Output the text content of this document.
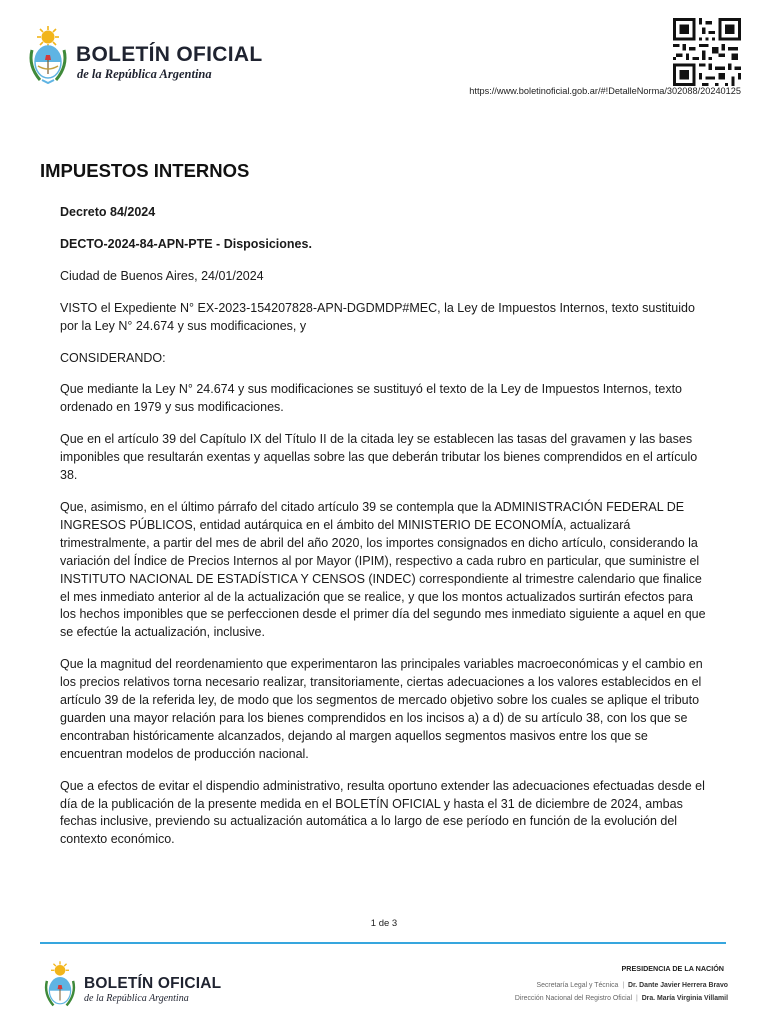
BOLETÍN OFICIAL
de la República Argentina
https://www.boletinoficial.gob.ar/#!DetalleNorma/302088/20240125
IMPUESTOS INTERNOS

Decreto 84/2024

DECTO-2024-84-APN-PTE - Disposiciones.

Ciudad de Buenos Aires, 24/01/2024

VISTO el Expediente N° EX-2023-154207828-APN-DGDMDP#MEC, la Ley de Impuestos Internos, texto sustituido por la Ley N° 24.674 y sus modificaciones, y

CONSIDERANDO:

Que mediante la Ley N° 24.674 y sus modificaciones se sustituyó el texto de la Ley de Impuestos Internos, texto ordenado en 1979 y sus modificaciones.

Que en el artículo 39 del Capítulo IX del Título II de la citada ley se establecen las tasas del gravamen y las bases imponibles que resultarán exentas y aquellas sobre las que deberán tributar los bienes comprendidos en el artículo 38.

Que, asimismo, en el último párrafo del citado artículo 39 se contempla que la ADMINISTRACIÓN FEDERAL DE INGRESOS PÚBLICOS, entidad autárquica en el ámbito del MINISTERIO DE ECONOMÍA, actualizará trimestralmente, a partir del mes de abril del año 2020, los importes consignados en dicho artículo, considerando la variación del Índice de Precios Internos al por Mayor (IPIM), respectivo a cada rubro en particular, que suministre el INSTITUTO NACIONAL DE ESTADÍSTICA Y CENSOS (INDEC) correspondiente al trimestre calendario que finalice el mes inmediato anterior al de la actualización que se realice, y que los montos actualizados surtirán efectos para los hechos imponibles que se perfeccionen desde el primer día del segundo mes inmediato siguiente a aquel en que se efectúe la actualización, inclusive.

Que la magnitud del reordenamiento que experimentaron las principales variables macroeconómicas y el cambio en los precios relativos torna necesario realizar, transitoriamente, ciertas adecuaciones a los valores establecidos en el artículo 39 de la referida ley, de modo que los segmentos de mercado objetivo sobre los cuales se aplique el tributo guarden una mayor relación para los bienes comprendidos en los incisos a) a d) de su artículo 38, con los que se encontraban históricamente alcanzados, dejando al margen aquellos segmentos masivos entre los que se encuentran modelos de producción nacional.

Que a efectos de evitar el dispendio administrativo, resulta oportuno extender las adecuaciones efectuadas desde el día de la publicación de la presente medida en el BOLETÍN OFICIAL y hasta el 31 de diciembre de 2024, ambas fechas inclusive, previendo su actualización automática a lo largo de ese período en función de la evolución del contexto económico.

1 de 3
BOLETÍN OFICIAL
de la República Argentina
PRESIDENCIA DE LA NACIÓN
Secretaría Legal y Técnica | Dr. Dante Javier Herrera Bravo
Dirección Nacional del Registro Oficial | Dra. María Virginia Villamil
